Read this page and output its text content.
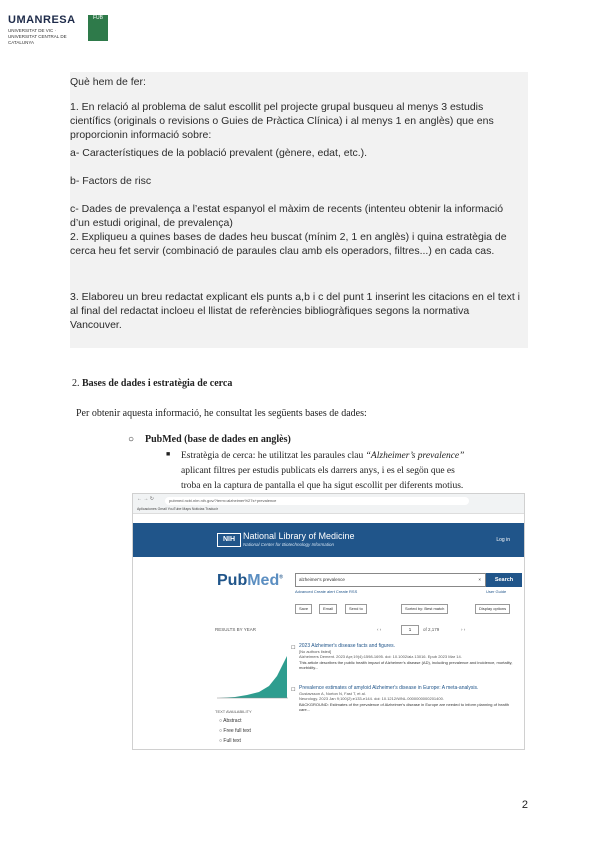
UMANRESA
UNIVERSITAT DE VIC · UNIVERSITAT CENTRAL DE CATALUNYA
FUB

Què hem de fer:

1. En relació al problema de salut escollit pel projecte grupal busqueu al menys 3 estudis científics (originals o revisions o Guies de Pràctica Clínica) i al menys 1 en anglès) que ens proporcionin informació sobre:

a- Característiques de la població prevalent (gènere, edat, etc.).

b- Factors de risc

c- Dades de prevalença a l’estat espanyol el màxim de recents (intenteu obtenir la informació d’un estudi original, de prevalença)

2. Expliqueu a quines bases de dades heu buscat (mínim 2, 1 en anglès) i quina estratègia de cerca heu fet servir (combinació de paraules clau amb els operadors, filtres...) en cada cas.

3. Elaboreu un breu redactat explicant els punts a,b i c del punt 1 inserint les citacions en el text i al final del redactat incloeu el llistat de referències bibliogràfiques segons la normativa Vancouver.

2. Bases de dades i estratègia de cerca
Per obtenir aquesta informació, he consultat les següents bases de dades:
○ PubMed (base de dades en anglès)
■ Estratègia de cerca: he utilitzat les paraules clau “Alzheimer’s prevalence”
aplicant filtres per estudis publicats els darrers anys, i es el segön que es
troba en la captura de pantalla el que ha sigut escollit per diferents motius.
← → ↻	pubmed.ncbi.nlm.nih.gov/?term=alzheimer%27s+prevalence
Aplicaciones Gmail YouTube Maps Noticias Traducir
NIH National Library of Medicine
National Center for Biotechnology Information
Log in
PubMed®	alzheimer's prevalence	×	Search
Advanced Create alert Create RSS	User Guide
Save	Email	Send to	Sorted by: Best match	Display options
RESULTS BY YEAR
TEXT AVAILABILITY
○ Abstract
○ Free full text
○ Full text
‹ ‹	1	of 2,179	› ›
☐ 2023 Alzheimer's disease facts and figures.
[No authors listed]
Alzheimers Dement. 2023 Apr;19(4):1598-1695. doi: 10.1002/alz.13016. Epub 2023 Mar 14.
This article describes the public health impact of Alzheimer's disease (AD), including prevalence and incidence, mortality, morbidity...
☐ Prevalence estimates of amyloid Alzheimer's disease in Europe: A meta-analysis.
Gustavsson A, Norton N, Fast T, et al.
Neurology. 2023 Jan 9;100(2):e133-e144. doi: 10.1212/WNL.0000000000201400.
BACKGROUND: Estimates of the prevalence of Alzheimer's disease in Europe are needed to inform planning of health care...
2
